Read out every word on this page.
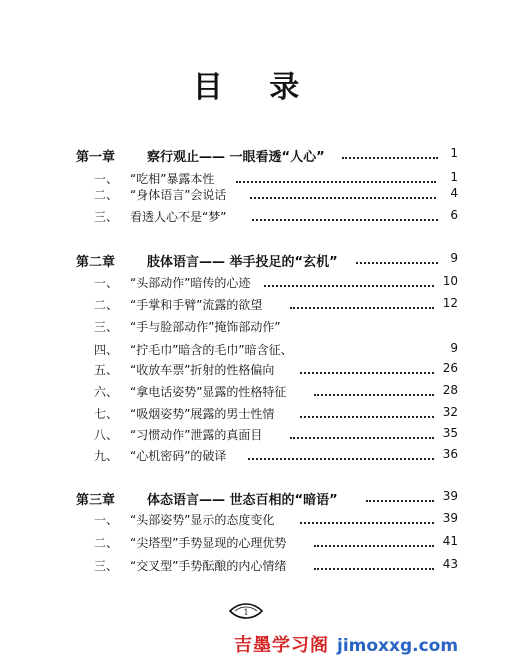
目 录
第一章 察行观止—— 一眼看透“人心”	1
一、 “吃相”暴露本性	1
二、 “身体语言”会说话	4
三、 看透人心不是“梦”	6
第二章 肢体语言—— 举手投足的“玄机”	9
一、 “头部动作”暗传的心迹	10
二、 “手掌和手臂”流露的欲望	12
三、 “手与脸部动作”掩饰部动作”
四、 “拧毛巾”暗含的毛巾”暗含征、	9
五、 “收放车票”折射的性格偏向	26
六、 “拿电话姿势”显露的性格特征	28
七、 “吸烟姿势”展露的男士性情	32
八、 “习惯动作”泄露的真面目	35
九、 “心机密码”的破译	36
第三章 体态语言—— 世态百相的“暗语”	39
一、 “头部姿势”显示的态度变化	39
二、 “尖塔型”手势显现的心理优势	41
三、 “交叉型”手势酝酿的内心情绪	43
1
吉墨学习阁 jimoxxg.com
